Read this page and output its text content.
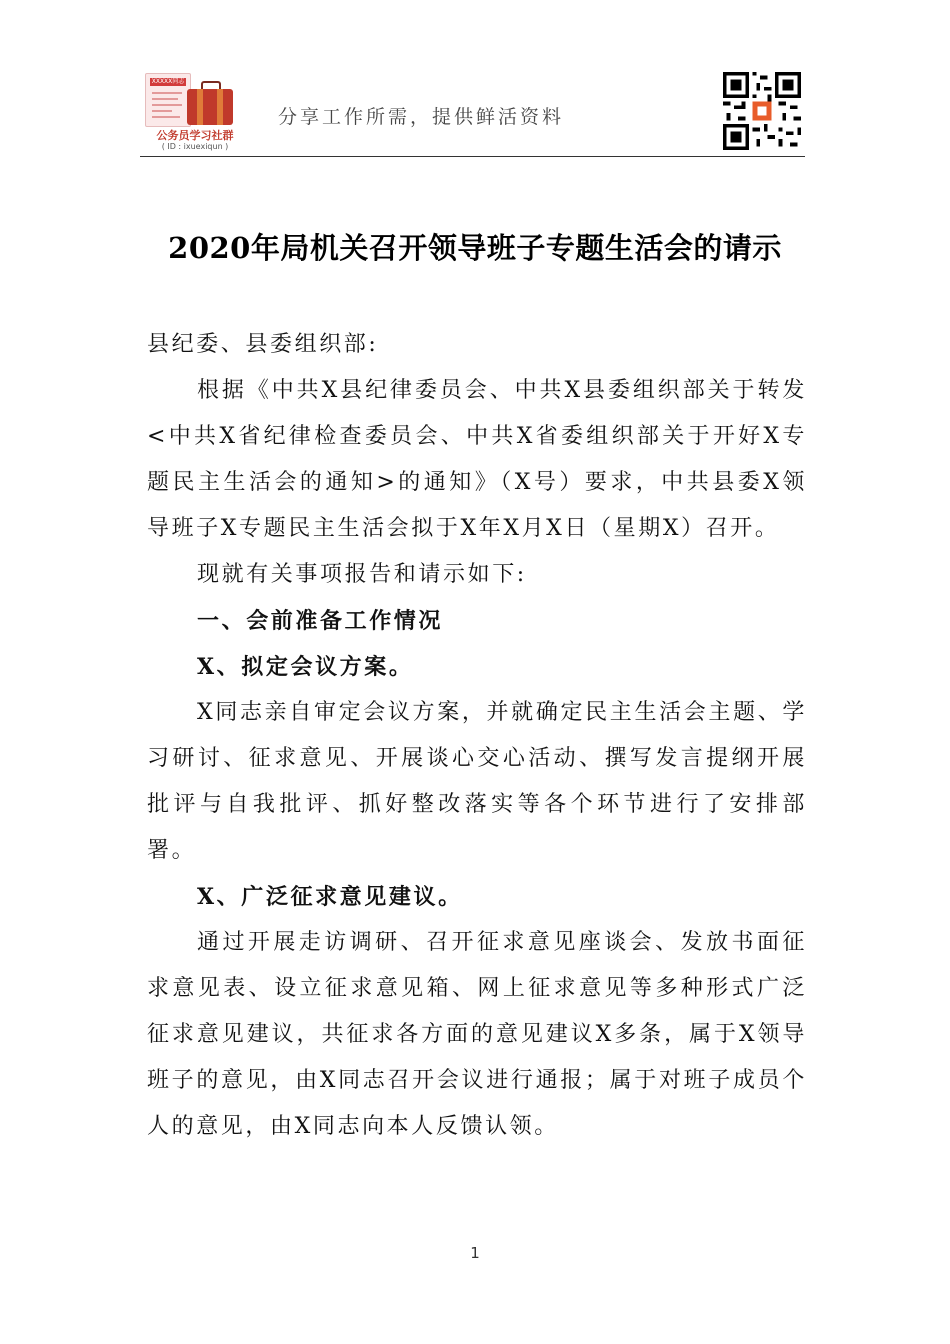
XXXXX同志
公务员学习社群
( ID : ixuexiqun )
分享工作所需，提供鲜活资料
2020年局机关召开领导班子专题生活会的请示

县纪委、县委组织部:

根据《中共X县纪律委员会、中共X县委组织部关于转发<中共X省纪律检查委员会、中共X省委组织部关于开好X专题民主生活会的通知>的通知》（X号）要求，中共县委X领导班子X专题民主生活会拟于X年X月X日（星期X）召开。

现就有关事项报告和请示如下:

一、会前准备工作情况

X、拟定会议方案。

X同志亲自审定会议方案，并就确定民主生活会主题、学习研讨、征求意见、开展谈心交心活动、撰写发言提纲开展批评与自我批评、抓好整改落实等各个环节进行了安排部署。

X、广泛征求意见建议。

通过开展走访调研、召开征求意见座谈会、发放书面征求意见表、设立征求意见箱、网上征求意见等多种形式广泛征求意见建议，共征求各方面的意见建议X多条，属于X领导班子的意见，由X同志召开会议进行通报；属于对班子成员个人的意见，由X同志向本人反馈认领。

1
